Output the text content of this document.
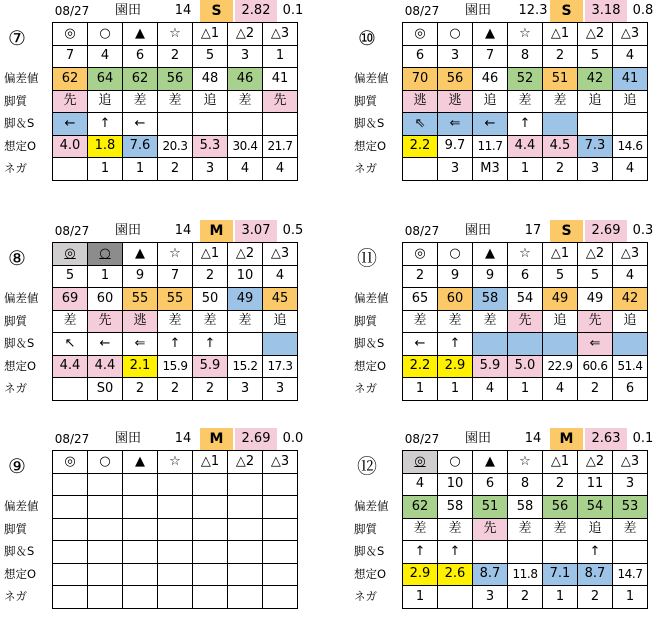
08/27	園田	14	S	2.82 0.1
⑦
偏差値
脚質
脚＆S
想定O
ネガ
◎	○	▲	☆	△1	△2	△3
7	4	6	2	5	3	1
62	64	62	56	48	46	41
先	追	差	差	追	差	先
←	↑	←				
4.0	1.8	7.6	20.3	5.3	30.4	21.7
	1	1	2	3	4	4
08/27	園田	12.3 S	3.18 0.8
⑩
偏差値
脚質
脚＆S
想定O
ネガ
◎	○	▲	☆	△1	△2	△3
6	3	7	8	2	5	4
70	56	46	52	51	42	41
逃	逃	追	差	差	追	追
⇖	⇐	←	↑			
2.2	9.7	11.7	4.4	4.5	7.3	14.6
	3	M3	1	2	3	4
08/27	園田	14	M	3.07 0.5
⑧
偏差値
脚質
脚＆S
想定O
ネガ
◎	○	▲	☆	△1	△2	△3
5	1	9	7	2	10	4
69	60	55	55	50	49	45
差	先	逃	差	差	差	追
↖	←	⇐	↑	↑		
4.4	4.4	2.1	15.9	5.9	15.2	17.3
	S0	2	2	2	3	3
08/27	園田	17	S	2.69 0.3
⑪
偏差値
脚質
脚＆S
想定O
ネガ
◎	○	▲	☆	△1	△2	△3
2	9	9	6	5	5	4
65	60	58	54	49	49	42
差	差	差	先	追	先	追
←	↑				⇐	
2.2	2.9	5.9	5.0	22.9	60.6	51.4
1	1	4	1	4	2	6
08/27	園田	14	M	2.69 0.0
⑨
偏差値
脚質
脚＆S
想定O
ネガ
◎	○	▲	☆	△1	△2	△3

08/27	園田	14	M	2.63 0.1
⑫
偏差値
脚質
脚＆S
想定O
ネガ
◎	○	▲	☆	△1	△2	△3
4	10	6	8	2	11	3
62	58	51	58	56	54	53
差	差	先	差	差	追	差
↑	↑				↑	
2.9	2.6	8.7	11.8	7.1	8.7	14.7
1		3	2	1	2	1
